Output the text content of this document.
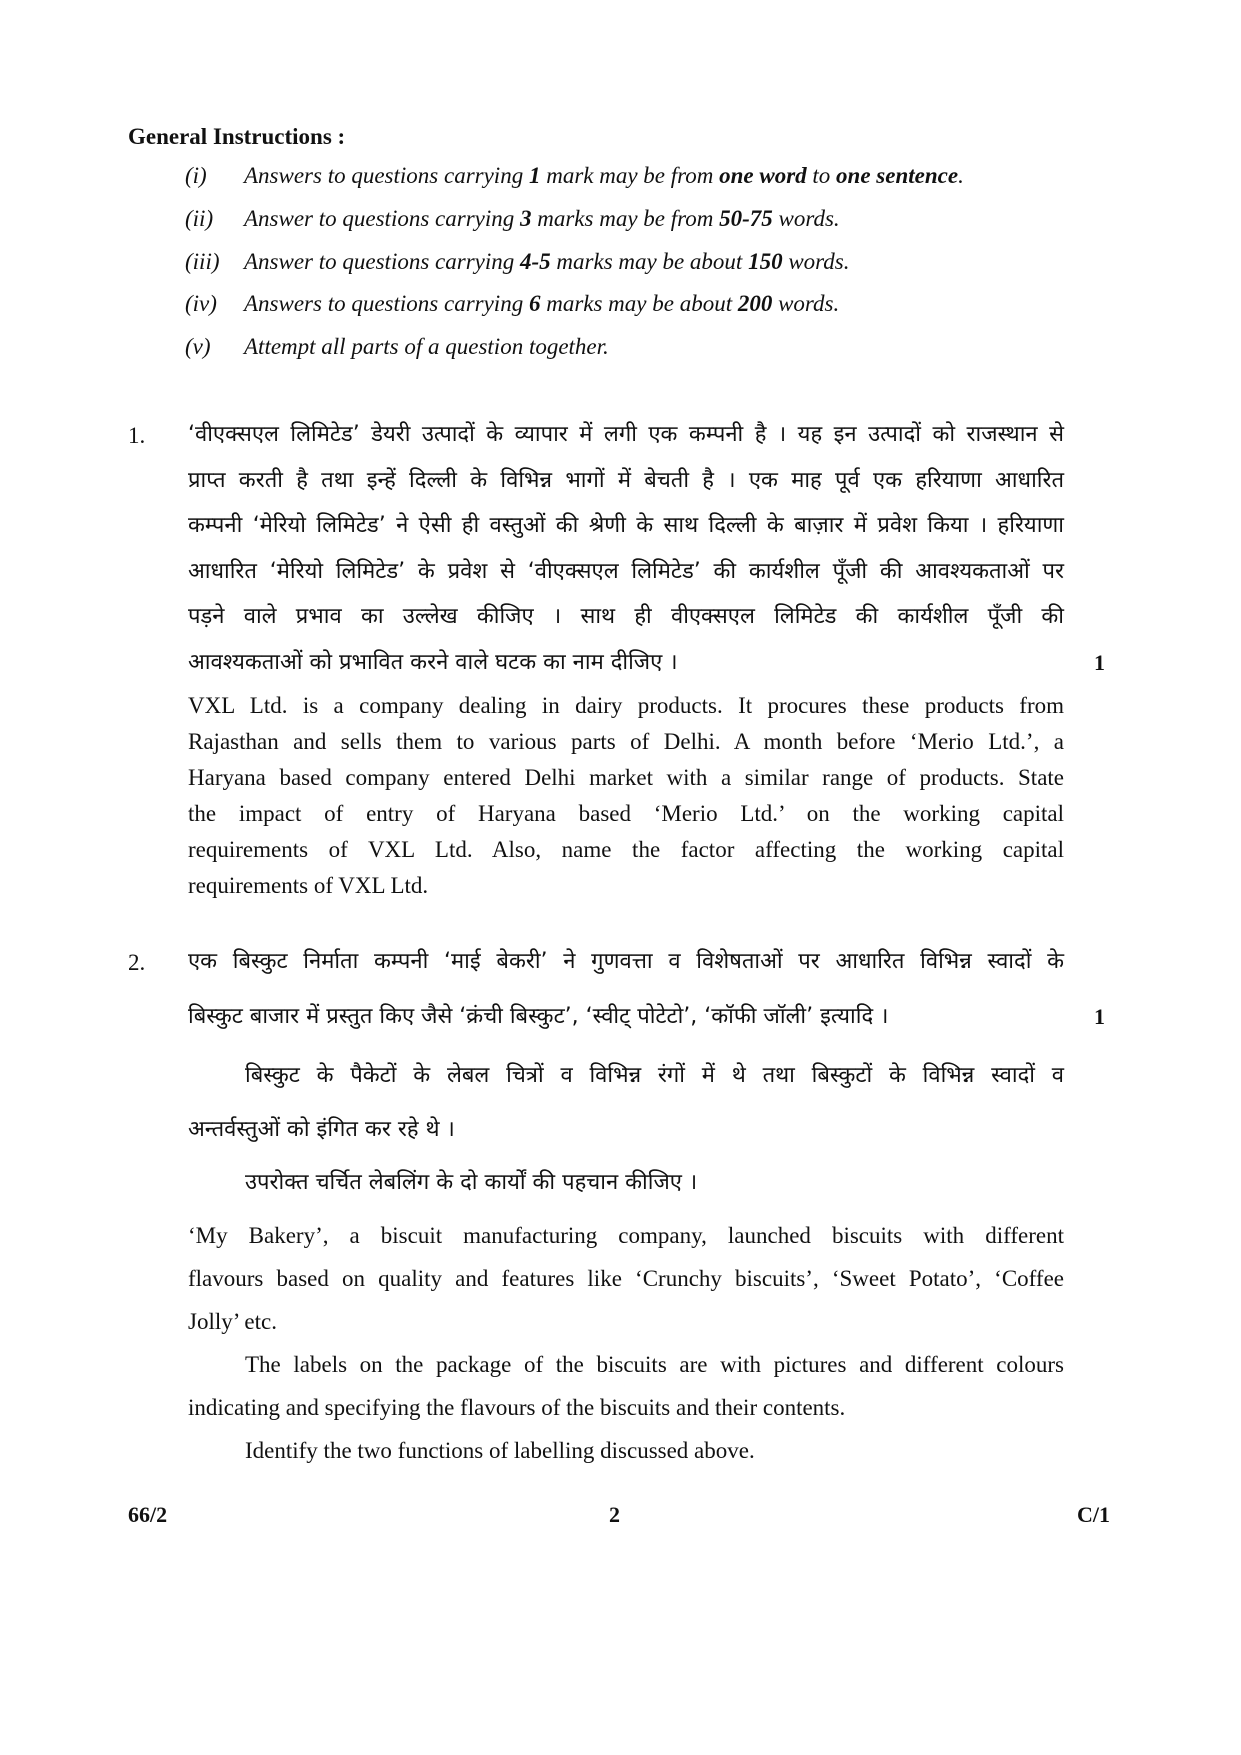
General Instructions :
(i)	Answers to questions carrying 1 mark may be from one word to one sentence.
(ii)	Answer to questions carrying 3 marks may be from 50-75 words.
(iii)	Answer to questions carrying 4-5 marks may be about 150 words.
(iv)	Answers to questions carrying 6 marks may be about 200 words.
(v)	Attempt all parts of a question together.
1. ‘वीएक्सएल लिमिटेड’ डेयरी उत्पादों के व्यापार में लगी एक कम्पनी है । यह इन उत्पादों को राजस्थान से
प्राप्त करती है तथा इन्हें दिल्ली के विभिन्न भागों में बेचती है । एक माह पूर्व एक हरियाणा आधारित
कम्पनी ‘मेरियो लिमिटेड’ ने ऐसी ही वस्तुओं की श्रेणी के साथ दिल्ली के बाज़ार में प्रवेश किया । हरियाणा
आधारित ‘मेरियो लिमिटेड’ के प्रवेश से ‘वीएक्सएल लिमिटेड’ की कार्यशील पूँजी की आवश्यकताओं पर
पड़ने वाले प्रभाव का उल्लेख कीजिए । साथ ही वीएक्सएल लिमिटेड की कार्यशील पूँजी की
आवश्यकताओं को प्रभावित करने वाले घटक का नाम दीजिए ।	1
VXL Ltd. is a company dealing in dairy products. It procures these products from
Rajasthan and sells them to various parts of Delhi. A month before ‘Merio Ltd.’, a
Haryana based company entered Delhi market with a similar range of products. State
the impact of entry of Haryana based ‘Merio Ltd.’ on the working capital
requirements of VXL Ltd. Also, name the factor affecting the working capital
requirements of VXL Ltd.
2. एक बिस्कुट निर्माता कम्पनी ‘माई बेकरी’ ने गुणवत्ता व विशेषताओं पर आधारित विभिन्न स्वादों के
बिस्कुट बाजार में प्रस्तुत किए जैसे ‘क्रंची बिस्कुट’, ‘स्वीट् पोटेटो’, ‘कॉफी जॉली’ इत्यादि ।	1
बिस्कुट के पैकेटों के लेबल चित्रों व विभिन्न रंगों में थे तथा बिस्कुटों के विभिन्न स्वादों व
अन्तर्वस्तुओं को इंगित कर रहे थे ।
उपरोक्त चर्चित लेबलिंग के दो कार्यों की पहचान कीजिए ।
‘My Bakery’, a biscuit manufacturing company, launched biscuits with different
flavours based on quality and features like ‘Crunchy biscuits’, ‘Sweet Potato’, ‘Coffee
Jolly’ etc.
The labels on the package of the biscuits are with pictures and different colours
indicating and specifying the flavours of the biscuits and their contents.
Identify the two functions of labelling discussed above.
66/2	2	C/1
